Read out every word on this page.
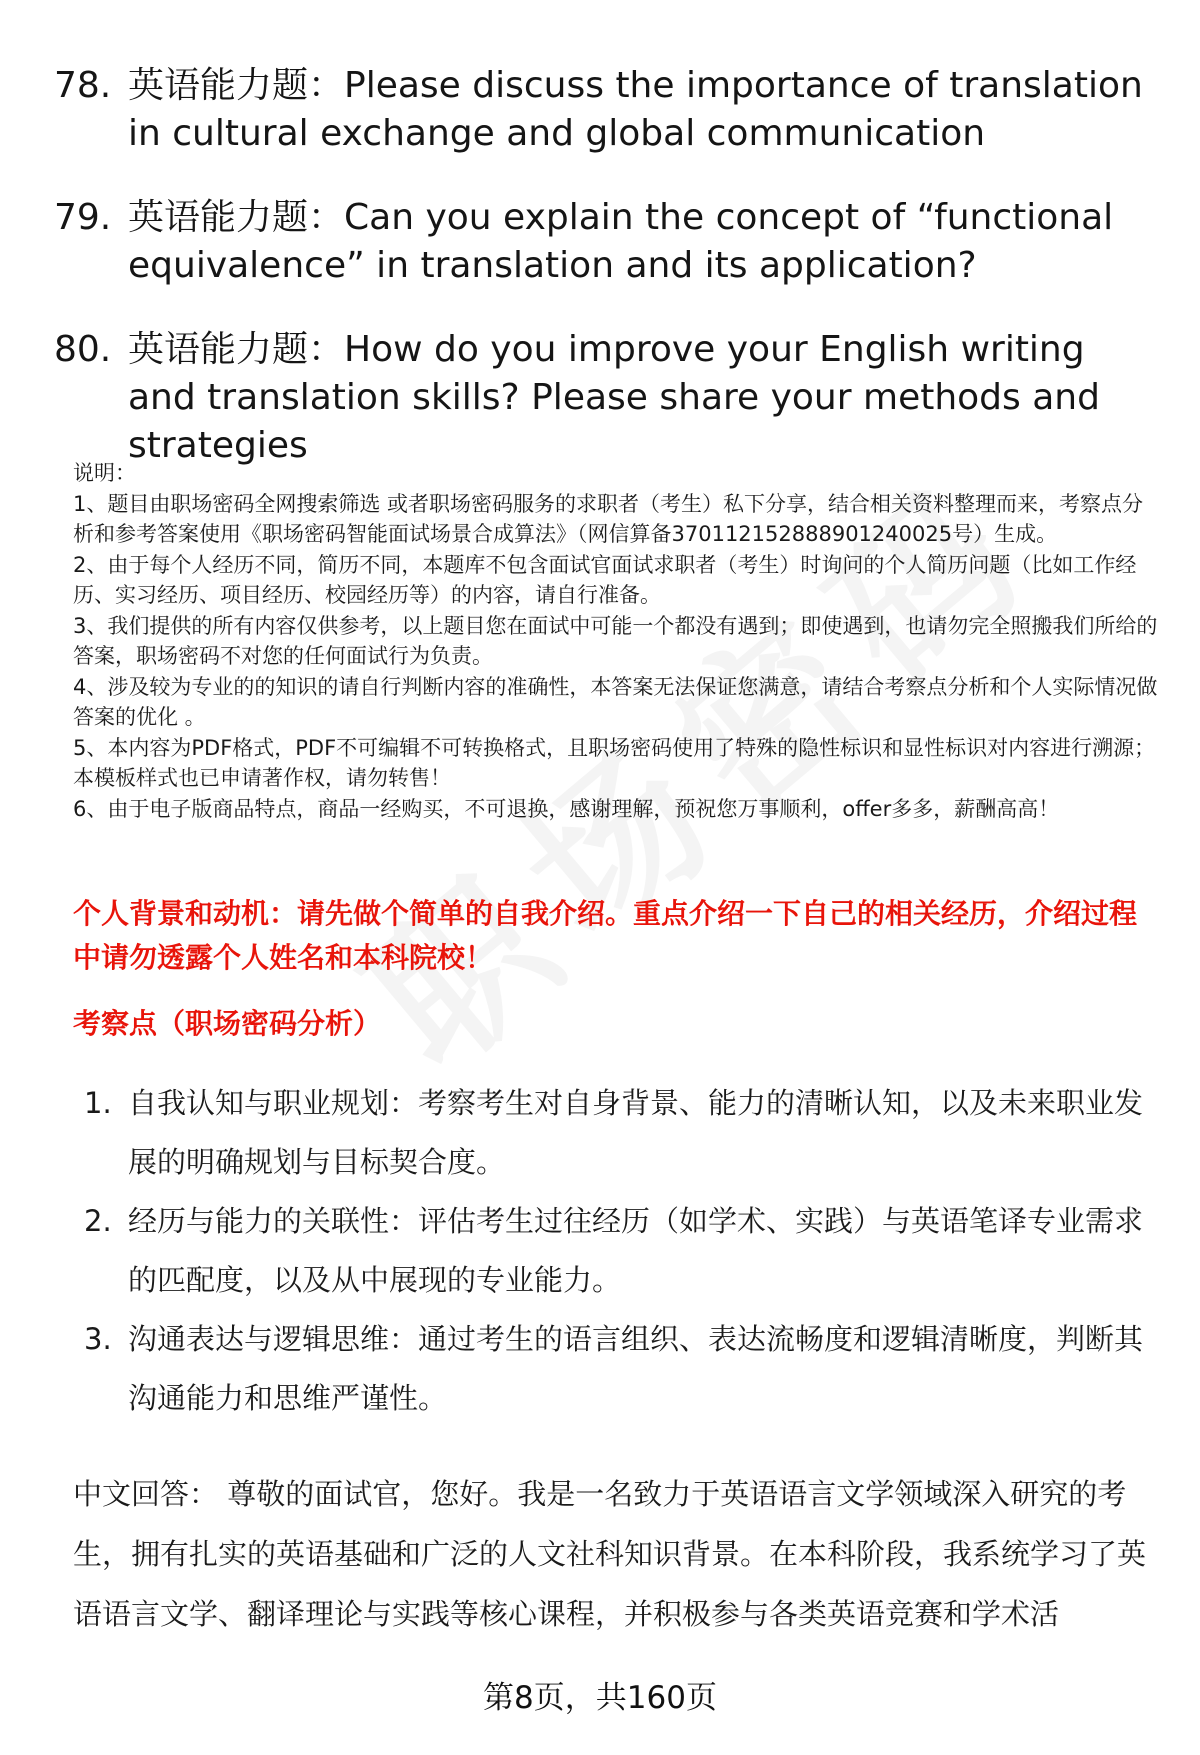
78. 英语能力题：Please discuss the importance of translation in cultural exchange and global communication
79. 英语能力题：Can you explain the concept of “functional equivalence” in translation and its application?
80. 英语能力题：How do you improve your English writing and translation skills? Please share your methods and strategies

说明：

1、题目由职场密码全网搜索筛选 或者职场密码服务的求职者（考生）私下分享，结合相关资料整理而来，考察点分析和参考答案使用《职场密码智能面试场景合成算法》（网信算备370112152888901240025号）生成。

2、由于每个人经历不同，简历不同，本题库不包含面试官面试求职者（考生）时询问的个人简历问题（比如工作经历、实习经历、项目经历、校园经历等）的内容，请自行准备。

3、我们提供的所有内容仅供参考，以上题目您在面试中可能一个都没有遇到；即使遇到，也请勿完全照搬我们所给的答案，职场密码不对您的任何面试行为负责。

4、涉及较为专业的的知识的请自行判断内容的准确性，本答案无法保证您满意，请结合考察点分析和个人实际情况做答案的优化 。

5、本内容为PDF格式，PDF不可编辑不可转换格式，且职场密码使用了特殊的隐性标识和显性标识对内容进行溯源；本模板样式也已申请著作权，请勿转售！

6、由于电子版商品特点，商品一经购买，不可退换，感谢理解，预祝您万事顺利，offer多多，薪酬高高！

个人背景和动机：请先做个简单的自我介绍。重点介绍一下自己的相关经历，介绍过程中请勿透露个人姓名和本科院校！
考察点（职场密码分析）
1. 自我认知与职业规划：考察考生对自身背景、能力的清晰认知，以及未来职业发展的明确规划与目标契合度。
2. 经历与能力的关联性：评估考生过往经历（如学术、实践）与英语笔译专业需求的匹配度，以及从中展现的专业能力。
3. 沟通表达与逻辑思维：通过考生的语言组织、表达流畅度和逻辑清晰度，判断其沟通能力和思维严谨性。
中文回答： 尊敬的面试官，您好。我是一名致力于英语语言文学领域深入研究的考生，拥有扎实的英语基础和广泛的人文社科知识背景。在本科阶段，我系统学习了英语语言文学、翻译理论与实践等核心课程，并积极参与各类英语竞赛和学术活
第8页，共160页
